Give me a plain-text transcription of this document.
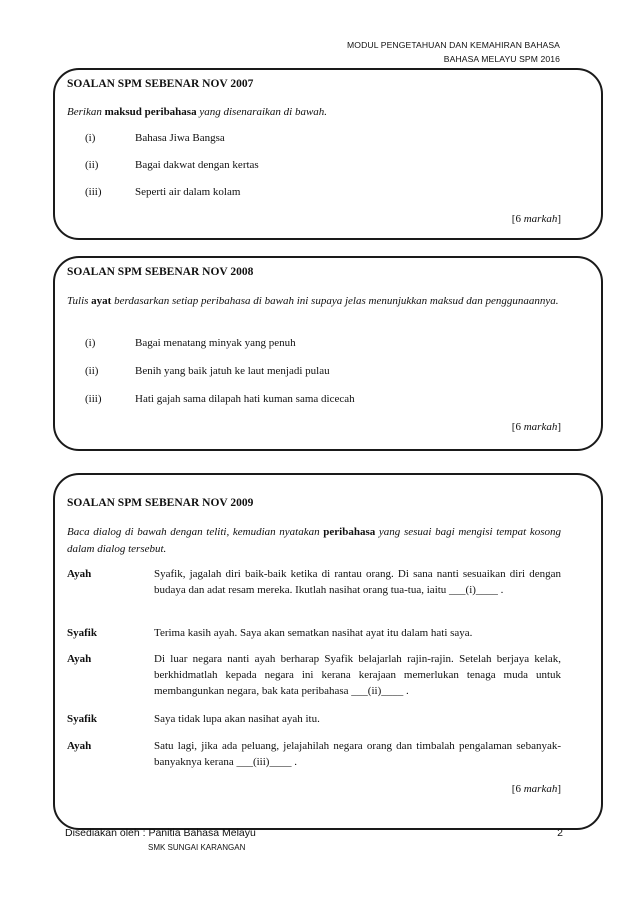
MODUL PENGETAHUAN DAN KEMAHIRAN BAHASA
BAHASA MELAYU SPM 2016
SOALAN SPM SEBENAR NOV 2007
Berikan maksud peribahasa yang disenaraikan di bawah.
(i)	Bahasa Jiwa Bangsa
(ii)	Bagai dakwat dengan kertas
(iii)	Seperti air dalam kolam
[6 markah]
SOALAN SPM SEBENAR NOV 2008
Tulis ayat berdasarkan setiap peribahasa di bawah ini supaya jelas menunjukkan maksud dan penggunaannya.
(i)	Bagai menatang minyak yang penuh
(ii)	Benih yang baik jatuh ke laut menjadi pulau
(iii)	Hati gajah sama dilapah hati kuman sama dicecah
[6 markah]
SOALAN SPM SEBENAR NOV 2009
Baca dialog di bawah dengan teliti, kemudian nyatakan peribahasa yang sesuai bagi mengisi tempat kosong dalam dialog tersebut.
Ayah	Syafik, jagalah diri baik-baik ketika di rantau orang. Di sana nanti sesuaikan diri dengan budaya dan adat resam mereka. Ikutlah nasihat orang tua-tua, iaitu ___(i)____ .
Syafik	Terima kasih ayah. Saya akan sematkan nasihat ayat itu dalam hati saya.
Ayah	Di luar negara nanti ayah berharap Syafik belajarlah rajin-rajin. Setelah berjaya kelak, berkhidmatlah kepada negara ini kerana kerajaan memerlukan tenaga muda untuk membangunkan negara, bak kata peribahasa ___(ii)____ .
Syafik	Saya tidak lupa akan nasihat ayah itu.
Ayah	Satu lagi, jika ada peluang, jelajahilah negara orang dan timbalah pengalaman sebanyak-banyaknya kerana ___(iii)____ .
[6 markah]
Disediakan oleh : Panitia Bahasa Melayu
SMK SUNGAI KARANGAN
2
